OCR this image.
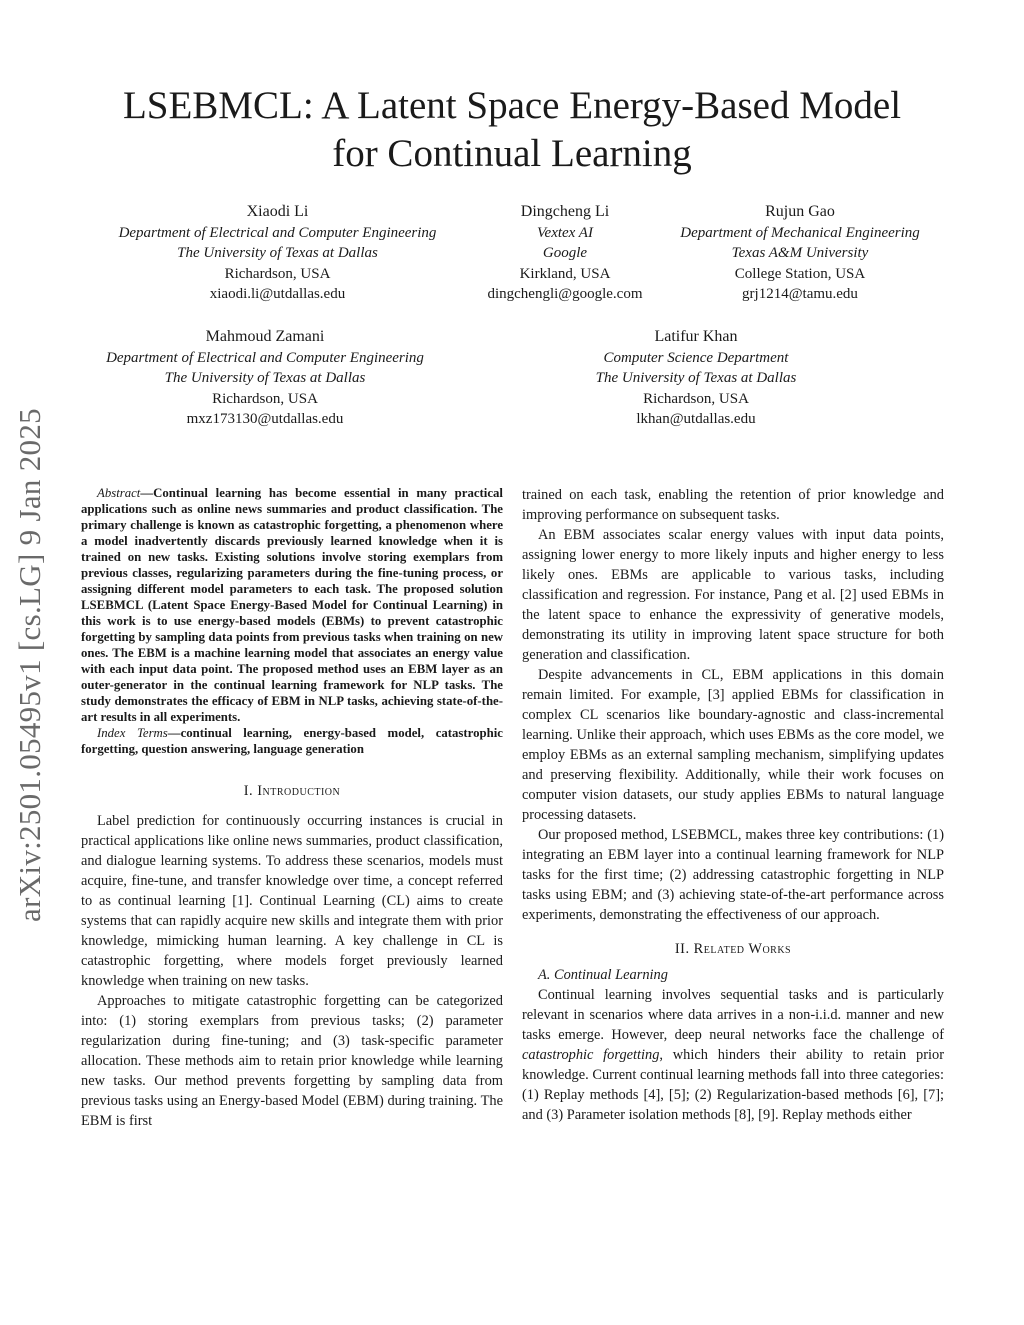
arXiv:2501.05495v1 [cs.LG] 9 Jan 2025
LSEBMCL: A Latent Space Energy-Based Model
for Continual Learning
Xiaodi Li
Department of Electrical and Computer Engineering
The University of Texas at Dallas
Richardson, USA
xiaodi.li@utdallas.edu
Dingcheng Li
Vextex AI
Google
Kirkland, USA
dingchengli@google.com
Rujun Gao
Department of Mechanical Engineering
Texas A&M University
College Station, USA
grj1214@tamu.edu
Mahmoud Zamani
Department of Electrical and Computer Engineering
The University of Texas at Dallas
Richardson, USA
mxz173130@utdallas.edu
Latifur Khan
Computer Science Department
The University of Texas at Dallas
Richardson, USA
lkhan@utdallas.edu

Abstract—Continual learning has become essential in many practical applications such as online news summaries and product classification. The primary challenge is known as catastrophic forgetting, a phenomenon where a model inadvertently discards previously learned knowledge when it is trained on new tasks. Existing solutions involve storing exemplars from previous classes, regularizing parameters during the fine-tuning process, or assigning different model parameters to each task. The proposed solution LSEBMCL (Latent Space Energy-Based Model for Continual Learning) in this work is to use energy-based models (EBMs) to prevent catastrophic forgetting by sampling data points from previous tasks when training on new ones. The EBM is a machine learning model that associates an energy value with each input data point. The proposed method uses an EBM layer as an outer-generator in the continual learning framework for NLP tasks. The study demonstrates the efficacy of EBM in NLP tasks, achieving state-of-the-art results in all experiments.

Index Terms—continual learning, energy-based model, catastrophic forgetting, question answering, language generation

I. Introduction

Label prediction for continuously occurring instances is crucial in practical applications like online news summaries, product classification, and dialogue learning systems. To address these scenarios, models must acquire, fine-tune, and transfer knowledge over time, a concept referred to as continual learning [1]. Continual Learning (CL) aims to create systems that can rapidly acquire new skills and integrate them with prior knowledge, mimicking human learning. A key challenge in CL is catastrophic forgetting, where models forget previously learned knowledge when training on new tasks.

Approaches to mitigate catastrophic forgetting can be categorized into: (1) storing exemplars from previous tasks; (2) parameter regularization during fine-tuning; and (3) task-specific parameter allocation. These methods aim to retain prior knowledge while learning new tasks. Our method prevents forgetting by sampling data from previous tasks using an Energy-based Model (EBM) during training. The EBM is first

trained on each task, enabling the retention of prior knowledge and improving performance on subsequent tasks.

An EBM associates scalar energy values with input data points, assigning lower energy to more likely inputs and higher energy to less likely ones. EBMs are applicable to various tasks, including classification and regression. For instance, Pang et al. [2] used EBMs in the latent space to enhance the expressivity of generative models, demonstrating its utility in improving latent space structure for both generation and classification.

Despite advancements in CL, EBM applications in this domain remain limited. For example, [3] applied EBMs for classification in complex CL scenarios like boundary-agnostic and class-incremental learning. Unlike their approach, which uses EBMs as the core model, we employ EBMs as an external sampling mechanism, simplifying updates and preserving flexibility. Additionally, while their work focuses on computer vision datasets, our study applies EBMs to natural language processing datasets.

Our proposed method, LSEBMCL, makes three key contributions: (1) integrating an EBM layer into a continual learning framework for NLP tasks for the first time; (2) addressing catastrophic forgetting in NLP tasks using EBM; and (3) achieving state-of-the-art performance across experiments, demonstrating the effectiveness of our approach.

II. Related Works

A. Continual Learning

Continual learning involves sequential tasks and is particularly relevant in scenarios where data arrives in a non-i.i.d. manner and new tasks emerge. However, deep neural networks face the challenge of catastrophic forgetting, which hinders their ability to retain prior knowledge. Current continual learning methods fall into three categories: (1) Replay methods [4], [5]; (2) Regularization-based methods [6], [7]; and (3) Parameter isolation methods [8], [9]. Replay methods either
